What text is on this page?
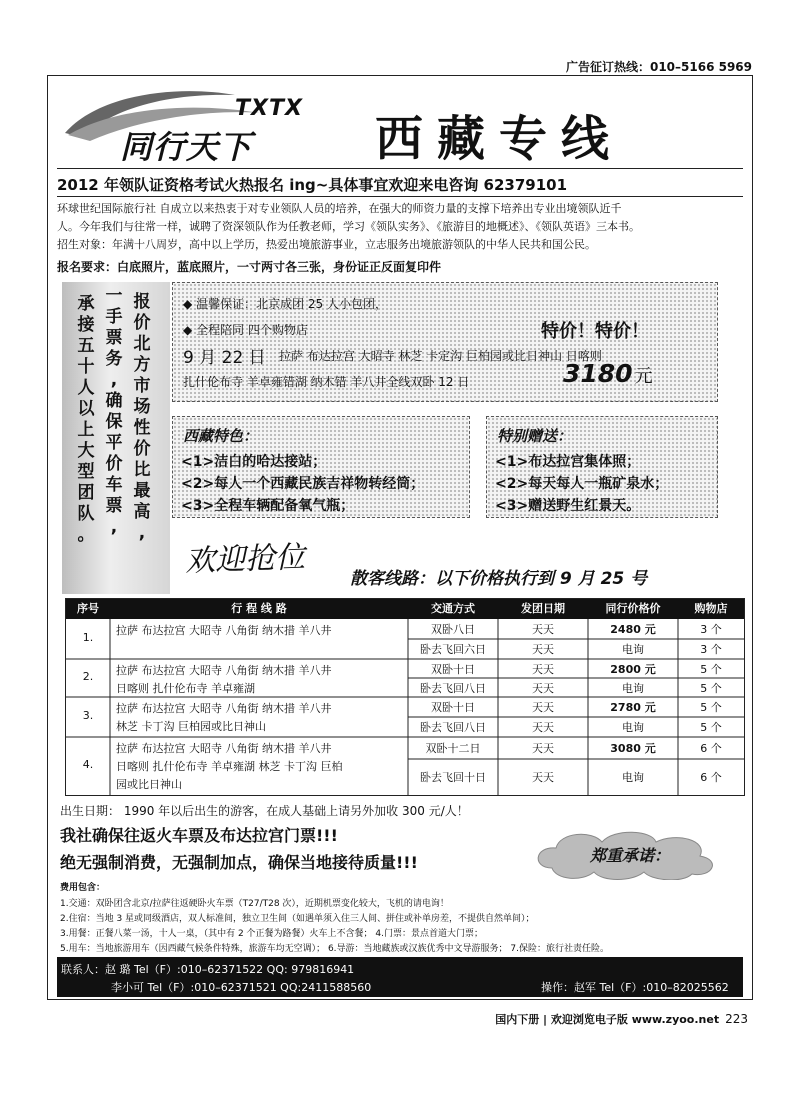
广告征订热线：010–5166 5969
TXTX
同行天下	西藏专线
2012 年领队证资格考试火热报名 ing~具体事宜欢迎来电咨询 62379101
环球世纪国际旅行社 自成立以来热衷于对专业领队人员的培养，在强大的师资力量的支撑下培养出专业出境领队近千
人。今年我们与往常一样，诚聘了资深领队作为任教老师，学习《领队实务》、《旅游目的地概述》、《领队英语》三本书。
招生对象：年满十八周岁，高中以上学历，热爱出境旅游事业，立志服务出境旅游领队的中华人民共和国公民。
报名要求：白底照片，蓝底照片，一寸两寸各三张，身份证正反面复印件
承
接
五
十
人
以
上
大
型
团
队
。
一
手
票
务
,
确
保
平
价
车
票
,
报
价
北
方
市
场
性
价
比
最
高
,
◆ 温馨保证：北京成团 25 人小包团，
◆ 全程陪同 四个购物店	特价！特价！
9 月 22 日 拉萨 布达拉宫 大昭寺 林芝 卡定沟 巨柏园或比日神山 日喀则
扎什伦布寺 羊卓雍错湖 纳木错 羊八井全线双卧 12 日	3180 元
西藏特色：
<1>洁白的哈达接站；
<2>每人一个西藏民族吉祥物转经筒；
<3>全程车辆配备氧气瓶；
特别赠送：
<1>布达拉宫集体照；
<2>每天每人一瓶矿泉水；
<3>赠送野生红景天。
欢迎抢位	散客线路：以下价格执行到 9 月 25 号
序号	行 程 线 路	交通方式	发团日期	同行价格价	购物店
1.
拉萨 布达拉宫 大昭寺 八角街 纳木措 羊八井	双卧八日	天天	2480 元	3 个
卧去飞回六日	天天	电询	3 个
2.	拉萨 布达拉宫 大昭寺 八角街 纳木措 羊八井
日喀则 扎什伦布寺 羊卓雍湖
双卧十日	天天	2800 元	5 个
卧去飞回八日	天天	电询	5 个
3.
拉萨 布达拉宫 大昭寺 八角街 纳木措 羊八井
林芝 卡丁沟 巨柏园或比日神山
双卧十日	天天	2780 元	5 个
卧去飞回八日	天天	电询	5 个
4.
拉萨 布达拉宫 大昭寺 八角街 纳木措 羊八井
日喀则 扎什伦布寺 羊卓雍湖 林芝 卡丁沟 巨柏
园或比日神山
双卧十二日	天天	3080 元	6 个
卧去飞回十日	天天	电询	6 个
出生日期： 1990 年以后出生的游客，在成人基础上请另外加收 300 元/人！
我社确保往返火车票及布达拉宫门票!!!
绝无强制消费，无强制加点，确保当地接待质量!!!	郑重承诺：
费用包含：
1.交通：双卧团含北京/拉萨往返硬卧火车票（T27/T28 次），近期机票变化较大，飞机的请电询！
2.住宿：当地 3 星或同级酒店，双人标准间，独立卫生间（如遇单须入住三人间、拼住或补单房差，不提供自然单间）；
3.用餐：正餐八菜一汤，十人一桌，（其中有 2 个正餐为路餐）火车上不含餐； 4.门票：景点首道大门票；
5.用车：当地旅游用车（因西藏气候条件特殊，旅游车均无空调）； 6.导游：当地藏族或汉族优秀中文导游服务； 7.保险：旅行社责任险。
联系人：赵 璐 Tel（F）:010–62371522 QQ: 979816941
李小可 Tel（F）:010–62371521 QQ:2411588560	操作：赵军 Tel（F）:010–82025562
国内下册 | 欢迎浏览电子版 www.zyoo.net 223
